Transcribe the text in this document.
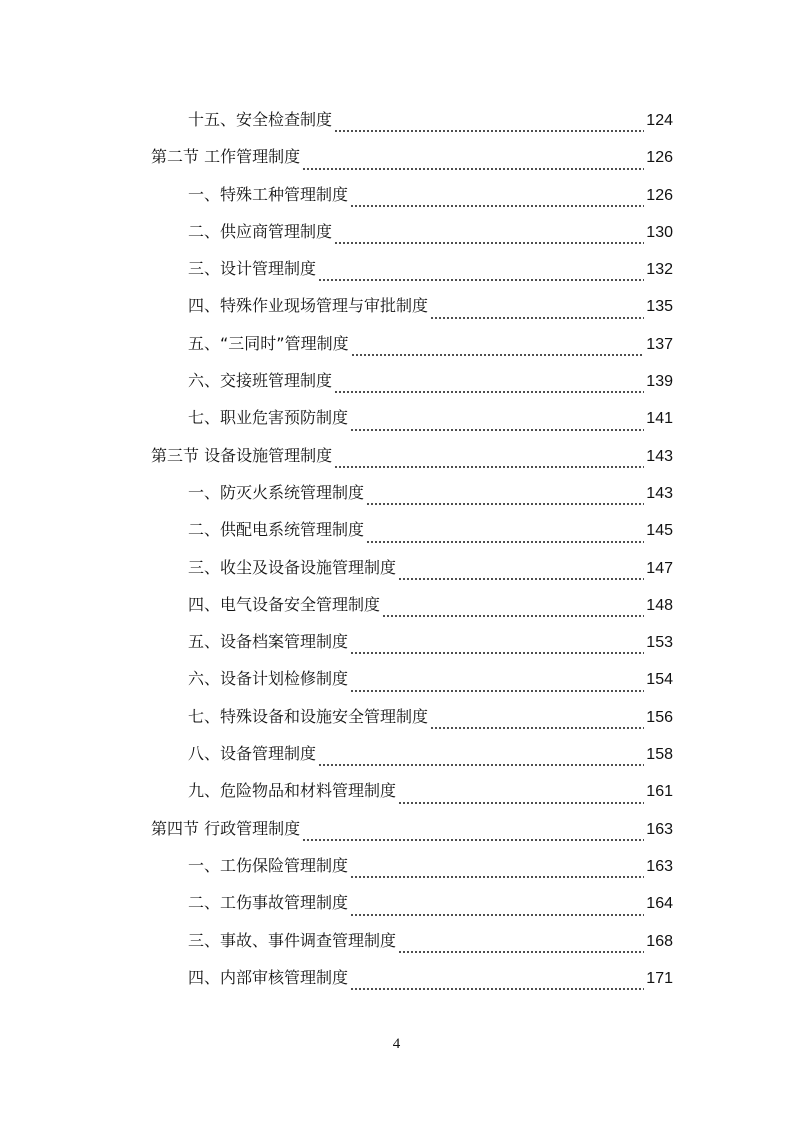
十五、安全检查制度	124
第二节 工作管理制度	126
一、特殊工种管理制度	126
二、供应商管理制度	130
三、设计管理制度	132
四、特殊作业现场管理与审批制度	135
五、“三同时”管理制度	137
六、交接班管理制度	139
七、职业危害预防制度	141
第三节 设备设施管理制度	143
一、防灭火系统管理制度	143
二、供配电系统管理制度	145
三、收尘及设备设施管理制度	147
四、电气设备安全管理制度	148
五、设备档案管理制度	153
六、设备计划检修制度	154
七、特殊设备和设施安全管理制度	156
八、设备管理制度	158
九、危险物品和材料管理制度	161
第四节 行政管理制度	163
一、工伤保险管理制度	163
二、工伤事故管理制度	164
三、事故、事件调查管理制度	168
四、内部审核管理制度	171
4
